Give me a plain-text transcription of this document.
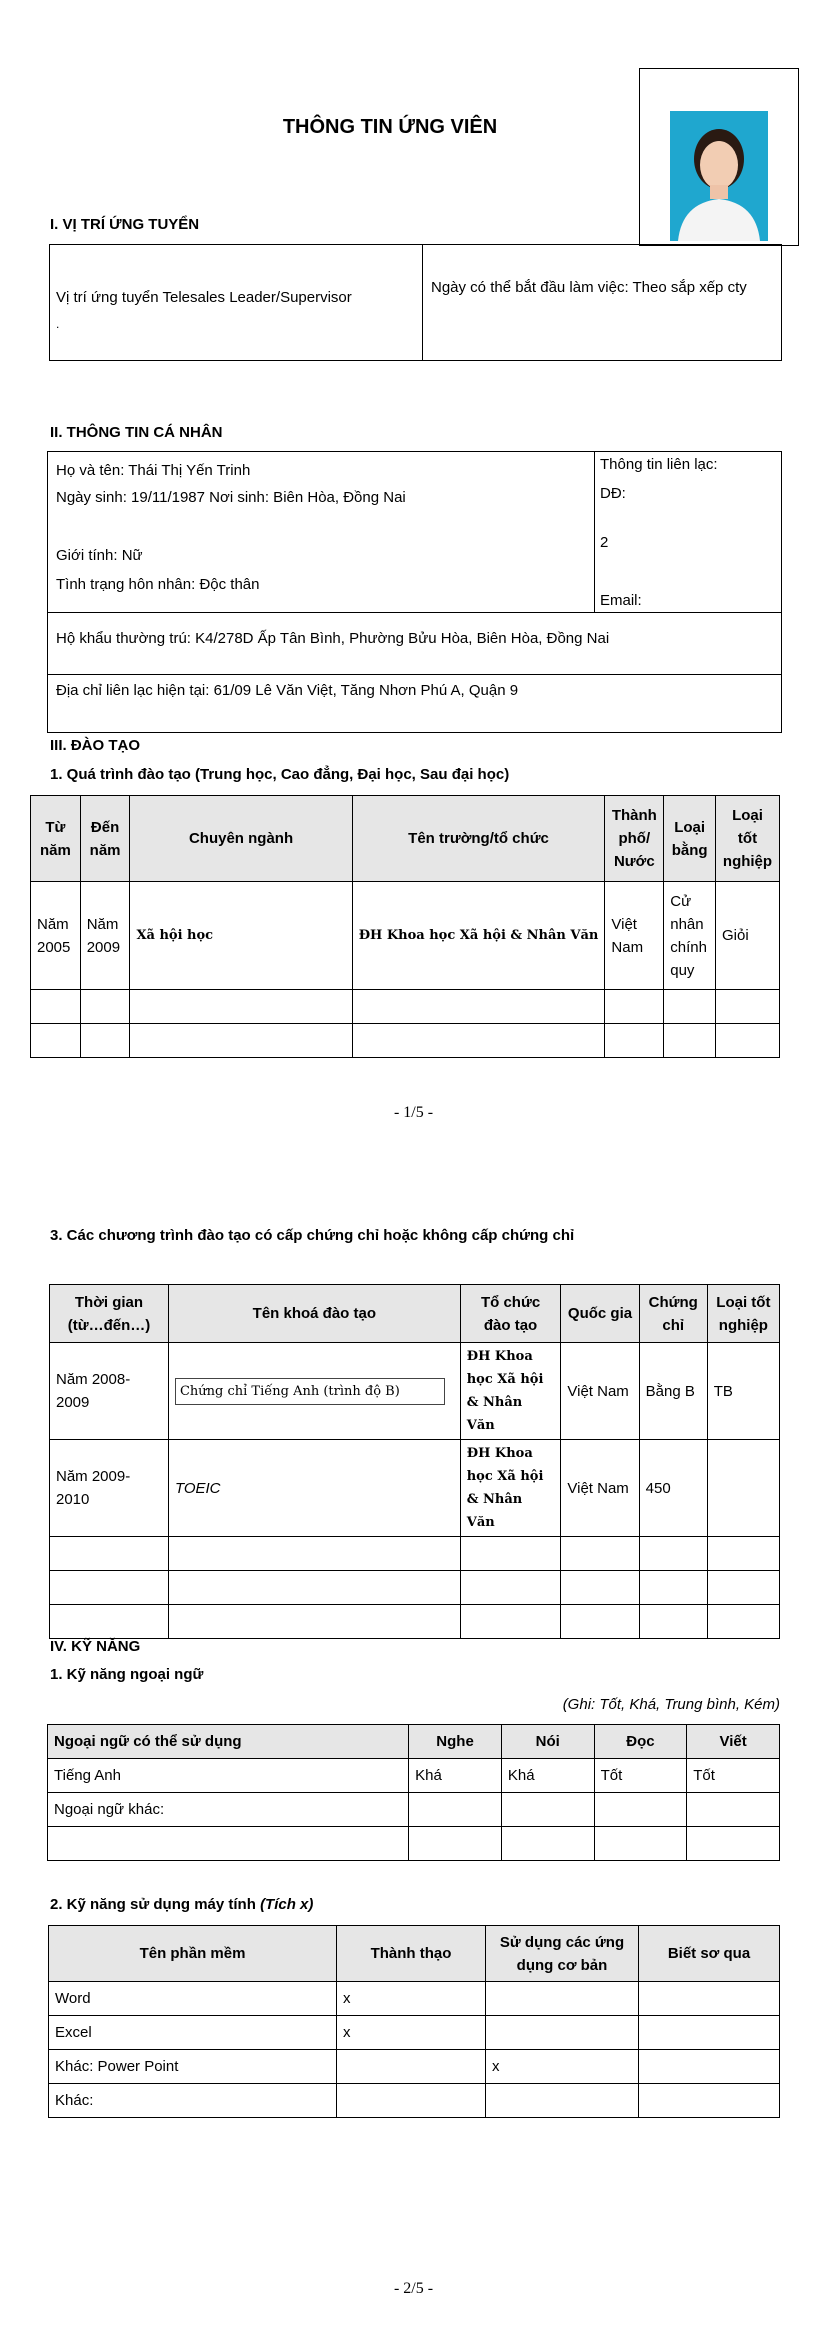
THÔNG TIN ỨNG VIÊN
I. VỊ TRÍ ỨNG TUYỂN
Vị trí ứng tuyển Telesales Leader/Supervisor
.
Ngày có thể bắt đầu làm việc: Theo sắp xếp cty
II. THÔNG TIN CÁ NHÂN
Họ và tên: Thái Thị Yến Trinh
Ngày sinh: 19/11/1987 Nơi sinh: Biên Hòa, Đồng Nai
Giới tính: Nữ
Tình trạng hôn nhân: Độc thân
Thông tin liên lạc:
DĐ:
2
Email:
Hộ khẩu thường trú: K4/278D Ấp Tân Bình, Phường Bửu Hòa, Biên Hòa, Đồng Nai
Địa chỉ liên lạc hiện tại: 61/09 Lê Văn Việt, Tăng Nhơn Phú A, Quận 9
III. ĐÀO TẠO
1. Quá trình đào tạo (Trung học, Cao đẳng, Đại học, Sau đại học)
Từ năm	Đến năm	Chuyên ngành	Tên trường/tổ chức	Thành phố/ Nước	Loại bằng	Loại tốt nghiệp
Năm 2005	Năm 2009	Xã hội học	ĐH Khoa học Xã hội & Nhân Văn	Việt Nam	Cử nhân chính quy	Giỏi

- 1/5 -
3. Các chương trình đào tạo có cấp chứng chỉ hoặc không cấp chứng chỉ
Thời gian (từ…đến…)	Tên khoá đào tạo	Tổ chức đào tạo	Quốc gia	Chứng chỉ	Loại tốt nghiệp
Năm 2008-2009	Chứng chỉ Tiếng Anh (trình độ B)	ĐH Khoa học Xã hội & Nhân Văn	Việt Nam	Bằng B	TB
Năm 2009-2010	TOEIC	ĐH Khoa học Xã hội & Nhân Văn	Việt Nam	450	

IV. KỸ NĂNG
1. Kỹ năng ngoại ngữ
(Ghi: Tốt, Khá, Trung bình, Kém)
Ngoại ngữ có thể sử dụng	Nghe	Nói	Đọc	Viết
Tiếng Anh	Khá	Khá	Tốt	Tốt
Ngoại ngữ khác:				

2. Kỹ năng sử dụng máy tính (Tích x)
Tên phần mềm	Thành thạo	Sử dụng các ứng dụng cơ bản	Biết sơ qua
Word	x		
Excel	x		
Khác: Power Point		x	
Khác:			
- 2/5 -
